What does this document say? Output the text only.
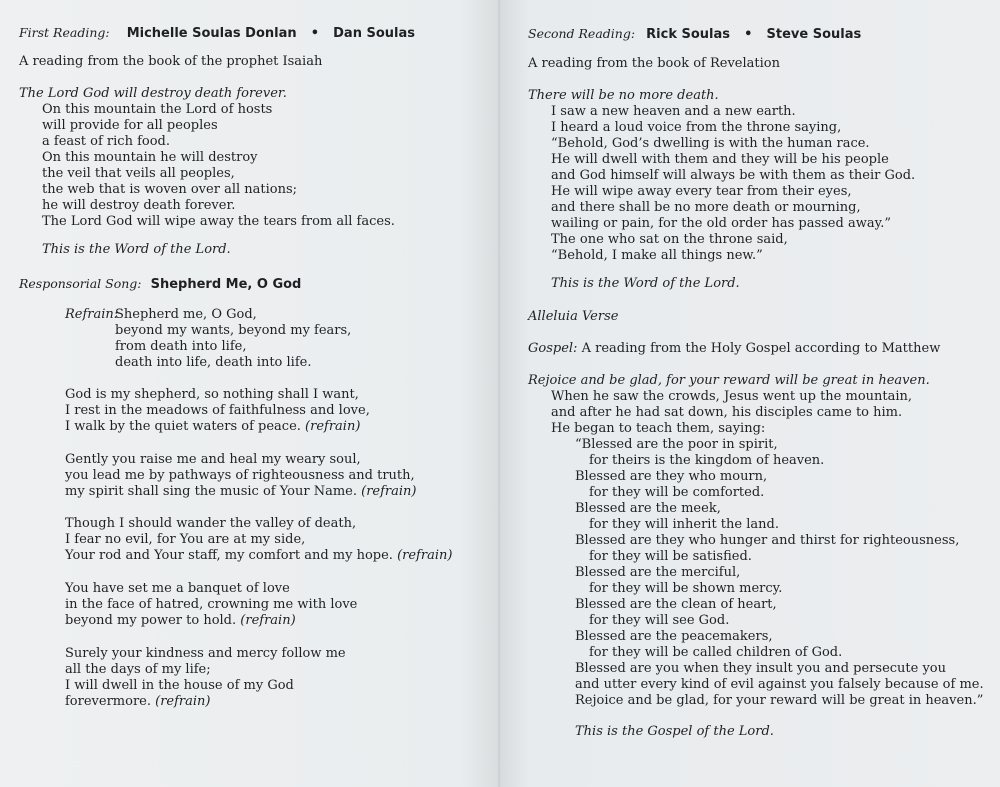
First Reading: Michelle Soulas Donlan • Dan Soulas
A reading from the book of the prophet Isaiah
The Lord God will destroy death forever.
On this mountain the Lord of hosts
will provide for all peoples
a feast of rich food.
On this mountain he will destroy
the veil that veils all peoples,
the web that is woven over all nations;
he will destroy death forever.
The Lord God will wipe away the tears from all faces.
This is the Word of the Lord.
Responsorial Song: Shepherd Me, O God
Refrain:
Shepherd me, O God,
beyond my wants, beyond my fears,
from death into life,
death into life, death into life.
God is my shepherd, so nothing shall I want,
I rest in the meadows of faithfulness and love,
I walk by the quiet waters of peace. (refrain)
Gently you raise me and heal my weary soul,
you lead me by pathways of righteousness and truth,
my spirit shall sing the music of Your Name. (refrain)
Though I should wander the valley of death,
I fear no evil, for You are at my side,
Your rod and Your staff, my comfort and my hope. (refrain)
You have set me a banquet of love
in the face of hatred, crowning me with love
beyond my power to hold. (refrain)
Surely your kindness and mercy follow me
all the days of my life;
I will dwell in the house of my God
forevermore. (refrain)
Second Reading: Rick Soulas • Steve Soulas
A reading from the book of Revelation
There will be no more death.
I saw a new heaven and a new earth.
I heard a loud voice from the throne saying,
“Behold, God’s dwelling is with the human race.
He will dwell with them and they will be his people
and God himself will always be with them as their God.
He will wipe away every tear from their eyes,
and there shall be no more death or mourning,
wailing or pain, for the old order has passed away.”
The one who sat on the throne said,
“Behold, I make all things new.”
This is the Word of the Lord.
Alleluia Verse
Gospel: A reading from the Holy Gospel according to Matthew
Rejoice and be glad, for your reward will be great in heaven.
When he saw the crowds, Jesus went up the mountain,
and after he had sat down, his disciples came to him.
He began to teach them, saying:
“Blessed are the poor in spirit,
for theirs is the kingdom of heaven.
Blessed are they who mourn,
for they will be comforted.
Blessed are the meek,
for they will inherit the land.
Blessed are they who hunger and thirst for righteousness,
for they will be satisfied.
Blessed are the merciful,
for they will be shown mercy.
Blessed are the clean of heart,
for they will see God.
Blessed are the peacemakers,
for they will be called children of God.
Blessed are you when they insult you and persecute you
and utter every kind of evil against you falsely because of me.
Rejoice and be glad, for your reward will be great in heaven.”
This is the Gospel of the Lord.
